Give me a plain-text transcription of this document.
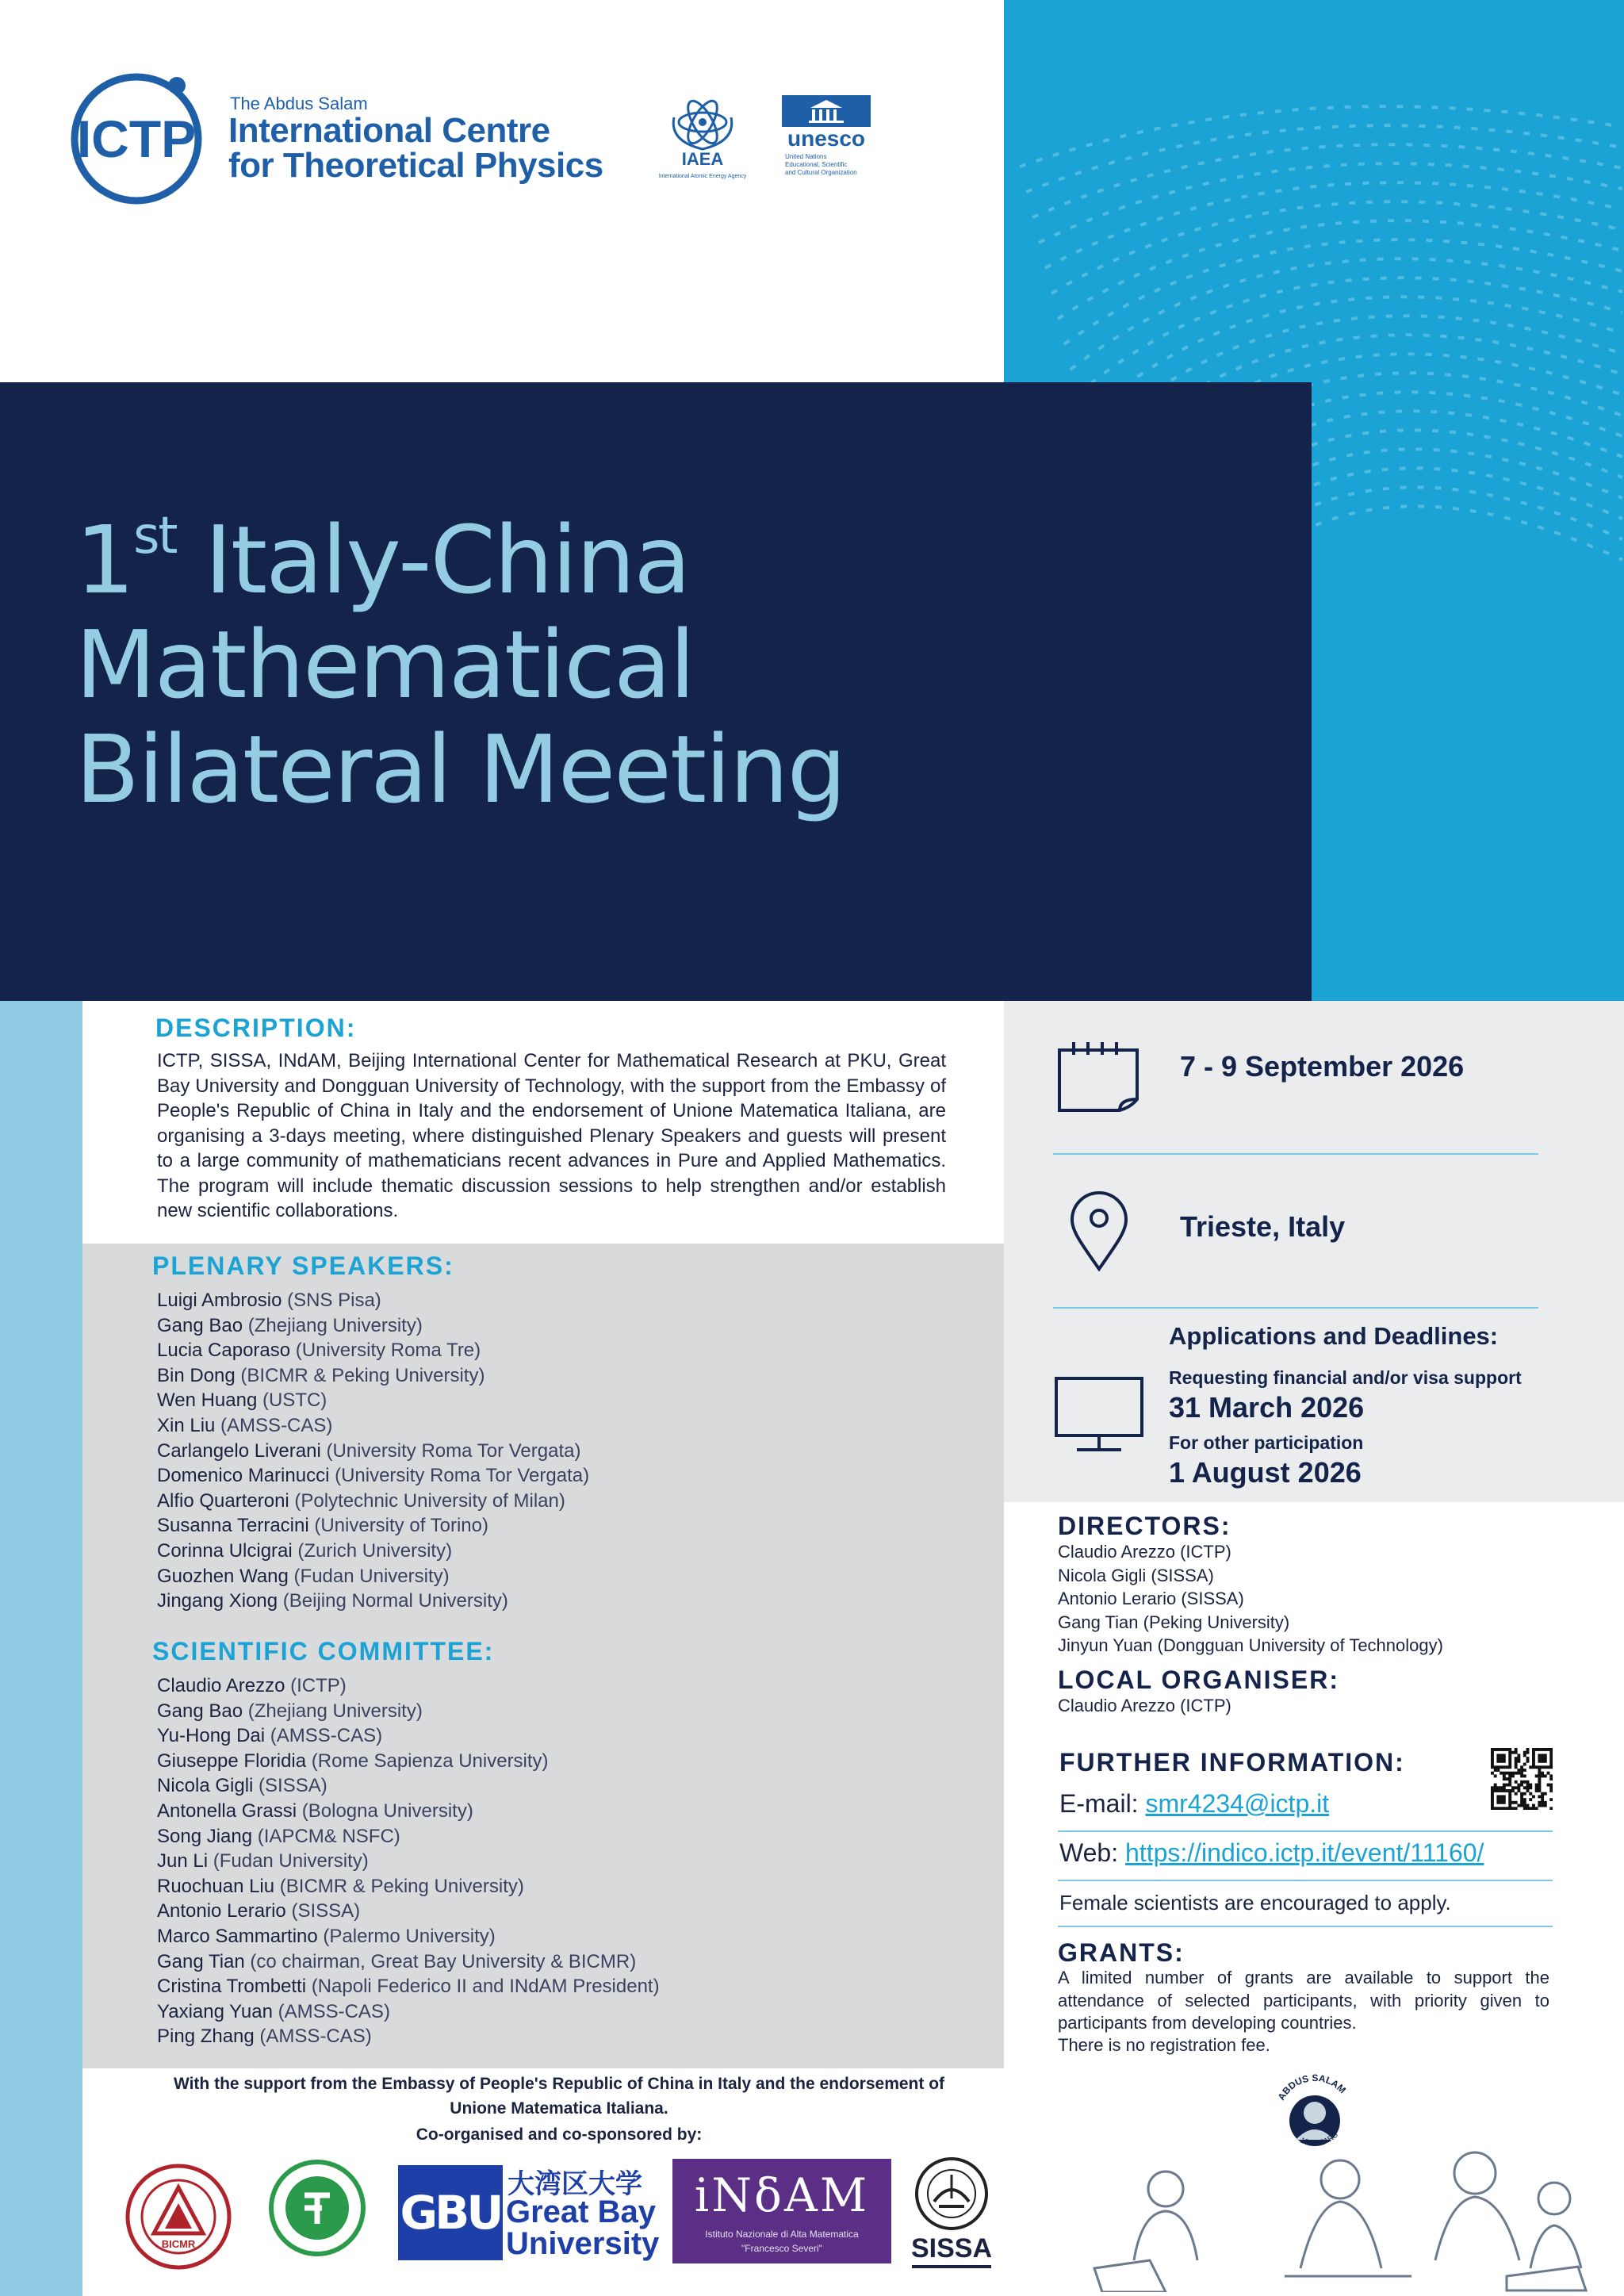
ICTP
The Abdus Salam
International Centre
for Theoretical Physics	IAEA
International Atomic Energy Agency
unesco
United Nations
Educational, Scientific
and Cultural Organization
1st Italy-China Mathematical
Bilateral Meeting
DESCRIPTION:
ICTP, SISSA, INdAM, Beijing International Center for Mathematical Research at PKU, Great Bay University and Dongguan University of Technology, with the support from the Embassy of People's Republic of China in Italy and the endorsement of Unione Matematica Italiana, are organising a 3-days meeting, where distinguished Plenary Speakers and guests will present to a large community of mathematicians recent advances in Pure and Applied Mathematics. The program will include thematic discussion sessions to help strengthen and/or establish new scientific collaborations.
PLENARY SPEAKERS:
Luigi Ambrosio (SNS Pisa)
Gang Bao (Zhejiang University)
Lucia Caporaso (University Roma Tre)
Bin Dong (BICMR & Peking University)
Wen Huang (USTC)
Xin Liu (AMSS-CAS)
Carlangelo Liverani (University Roma Tor Vergata)
Domenico Marinucci (University Roma Tor Vergata)
Alfio Quarteroni (Polytechnic University of Milan)
Susanna Terracini (University of Torino)
Corinna Ulcigrai (Zurich University)
Guozhen Wang (Fudan University)
Jingang Xiong (Beijing Normal University)
SCIENTIFIC COMMITTEE:
Claudio Arezzo (ICTP)
Gang Bao (Zhejiang University)
Yu-Hong Dai (AMSS-CAS)
Giuseppe Floridia (Rome Sapienza University)
Nicola Gigli (SISSA)
Antonella Grassi (Bologna University)
Song Jiang (IAPCM& NSFC)
Jun Li (Fudan University)
Ruochuan Liu (BICMR & Peking University)
Antonio Lerario (SISSA)
Marco Sammartino (Palermo University)
Gang Tian (co chairman, Great Bay University & BICMR)
Cristina Trombetti (Napoli Federico II and INdAM President)
Yaxiang Yuan (AMSS-CAS)
Ping Zhang (AMSS-CAS)
7 - 9 September 2026
Trieste, Italy
Applications and Deadlines:
Requesting financial and/or visa support
31 March 2026
For other participation
1 August 2026
DIRECTORS:
Claudio Arezzo (ICTP)
Nicola Gigli (SISSA)
Antonio Lerario (SISSA)
Gang Tian (Peking University)
Jinyun Yuan (Dongguan University of Technology)
LOCAL ORGANISER:
Claudio Arezzo (ICTP)
FURTHER INFORMATION:
E-mail: smr4234@ictp.it
Web: https://indico.ictp.it/event/11160/
Female scientists are encouraged to apply.
GRANTS:
A limited number of grants are available to support the attendance of selected participants, with priority given to participants from developing countries.
There is no registration fee.
ABDUS SALAM
100 YEARS
With the support from the Embassy of People's Republic of China in Italy and the endorsement of Unione Matematica Italiana.
Co-organised and co-sponsored by:
BICMR
GBU
大湾区大学
Great Bay
University
iNδAM
Istituto Nazionale di Alta Matematica
"Francesco Severi"	SISSA
